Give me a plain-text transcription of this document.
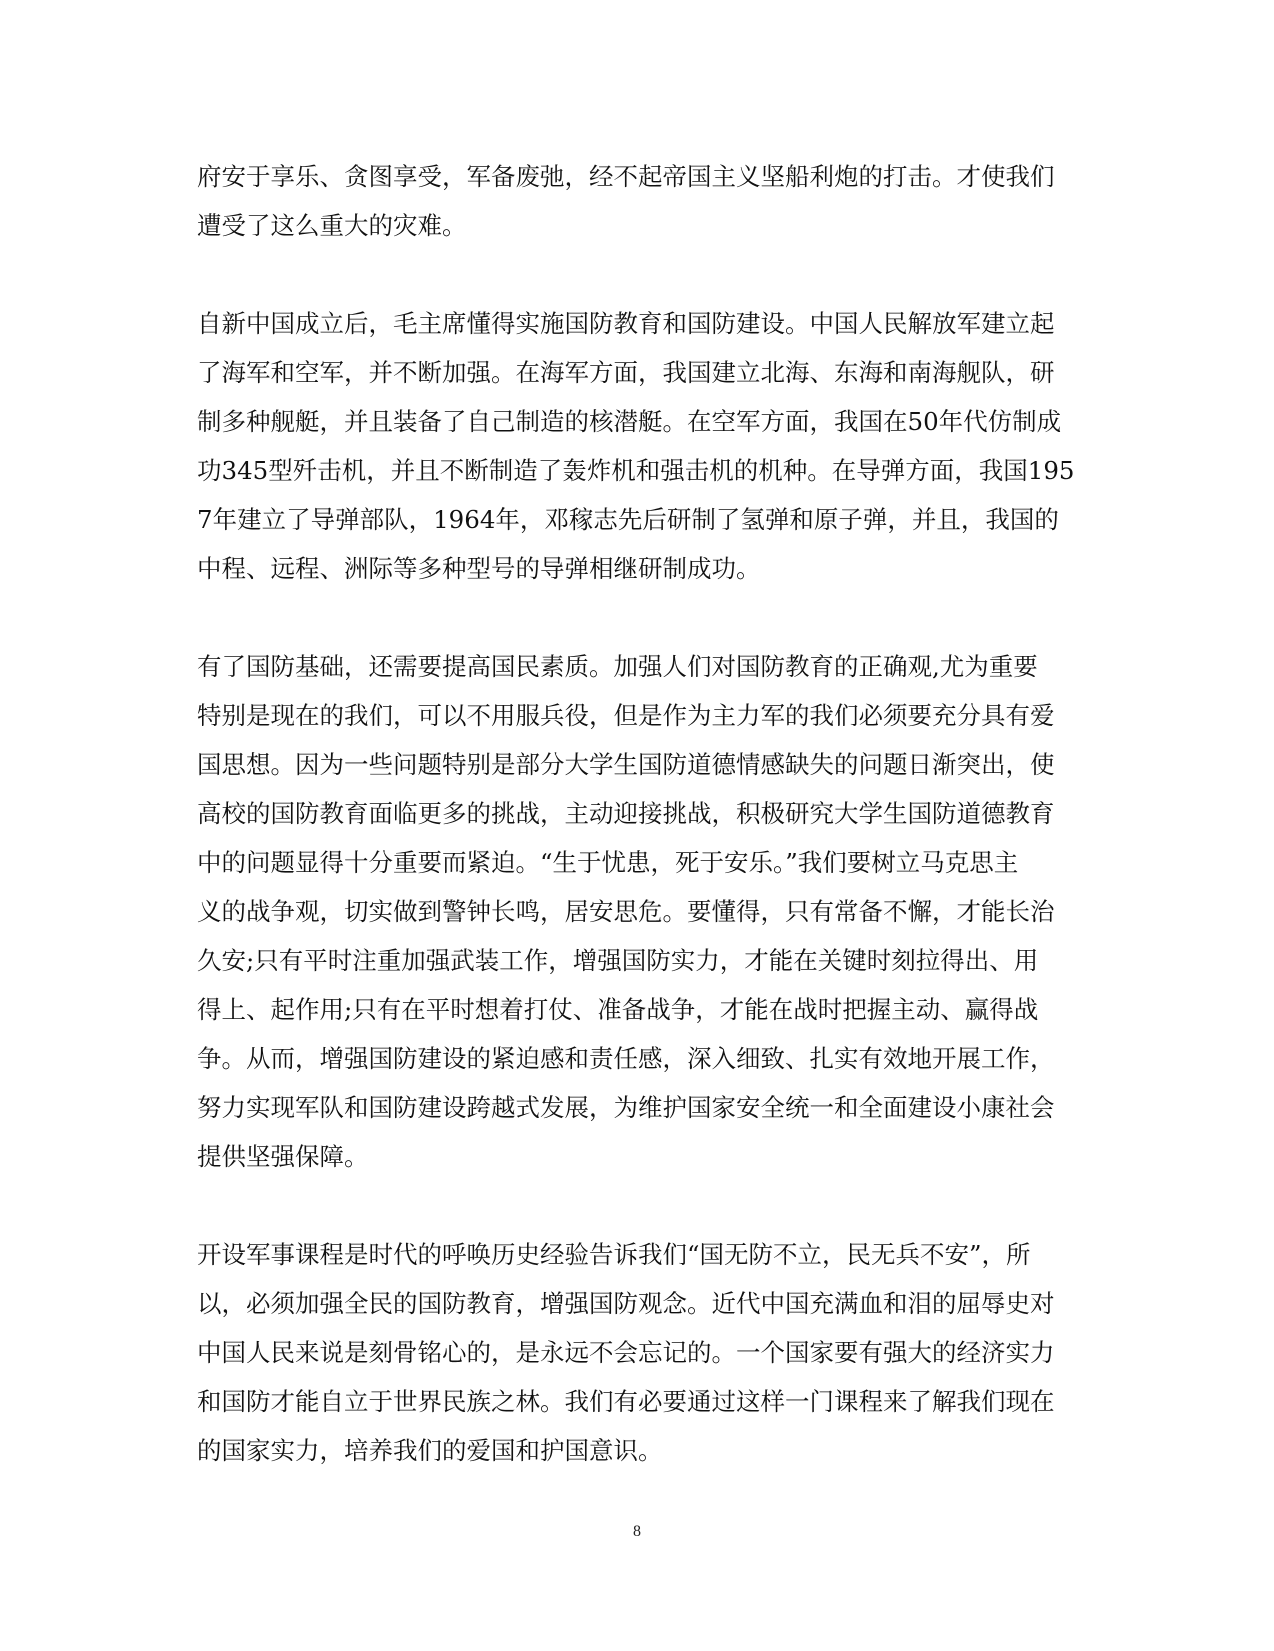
府安于享乐、贪图享受，军备废弛，经不起帝国主义坚船利炮的打击。才使我们
遭受了这么重大的灾难。
自新中国成立后，毛主席懂得实施国防教育和国防建设。中国人民解放军建立起
了海军和空军，并不断加强。在海军方面，我国建立北海、东海和南海舰队，研
制多种舰艇，并且装备了自己制造的核潜艇。在空军方面，我国在50年代仿制成
功345型歼击机，并且不断制造了轰炸机和强击机的机种。在导弹方面，我国195
7年建立了导弹部队，1964年，邓稼志先后研制了氢弹和原子弹，并且，我国的
中程、远程、洲际等多种型号的导弹相继研制成功。
有了国防基础，还需要提高国民素质。加强人们对国防教育的正确观,尤为重要
特别是现在的我们，可以不用服兵役，但是作为主力军的我们必须要充分具有爱
国思想。因为一些问题特别是部分大学生国防道德情感缺失的问题日渐突出，使
高校的国防教育面临更多的挑战，主动迎接挑战，积极研究大学生国防道德教育
中的问题显得十分重要而紧迫。“生于忧患，死于安乐。”我们要树立马克思主
义的战争观，切实做到警钟长鸣，居安思危。要懂得，只有常备不懈，才能长治
久安;只有平时注重加强武装工作，增强国防实力，才能在关键时刻拉得出、用
得上、起作用;只有在平时想着打仗、准备战争，才能在战时把握主动、赢得战
争。从而，增强国防建设的紧迫感和责任感，深入细致、扎实有效地开展工作，
努力实现军队和国防建设跨越式发展，为维护国家安全统一和全面建设小康社会
提供坚强保障。
开设军事课程是时代的呼唤历史经验告诉我们“国无防不立，民无兵不安”，所
以，必须加强全民的国防教育，增强国防观念。近代中国充满血和泪的屈辱史对
中国人民来说是刻骨铭心的，是永远不会忘记的。一个国家要有强大的经济实力
和国防才能自立于世界民族之林。我们有必要通过这样一门课程来了解我们现在
的国家实力，培养我们的爱国和护国意识。
8
